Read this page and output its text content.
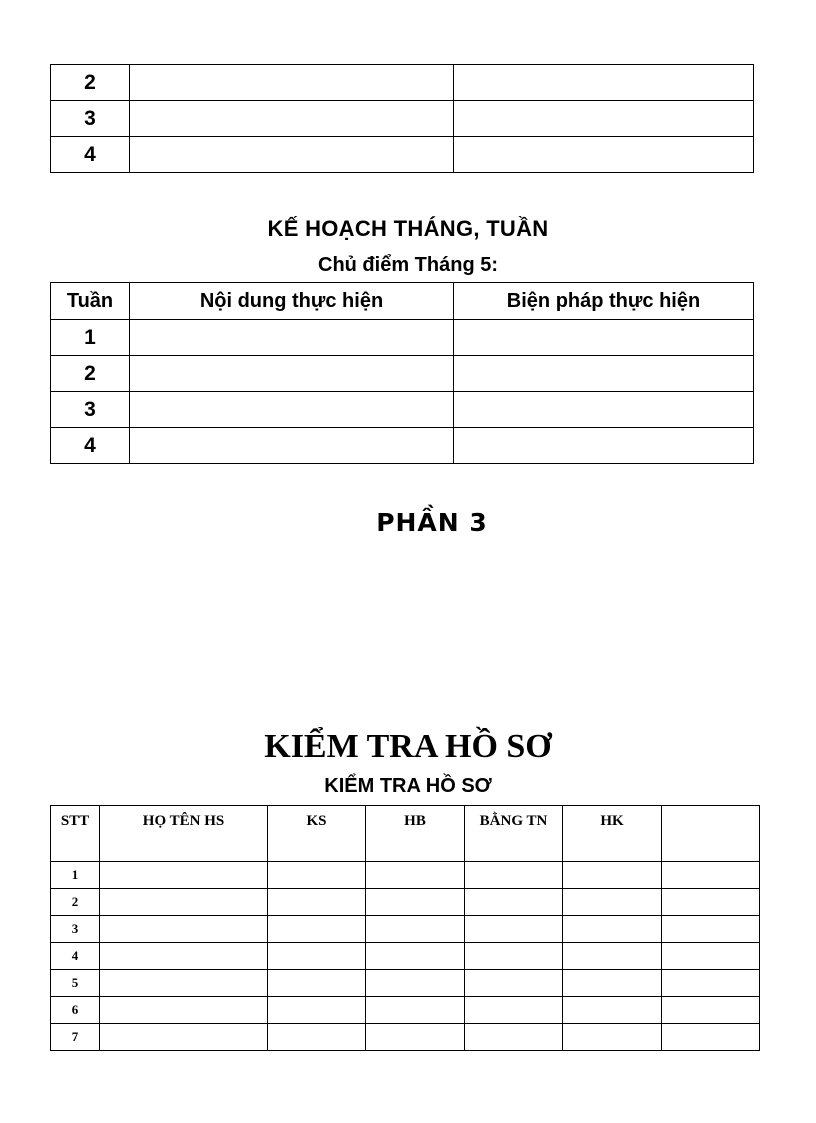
2		
3		
4		
KẾ HOẠCH THÁNG, TUẦN
Chủ điểm Tháng 5:
Tuần	Nội dung thực hiện	Biện pháp thực hiện
1		
2		
3		
4		
PHẦN 3
KIỂM TRA HỒ SƠ
KIỂM TRA HỒ SƠ
STT	HỌ TÊN HS	KS	HB	BẰNG TN	HK	
1						
2						
3						
4						
5						
6						
7						
